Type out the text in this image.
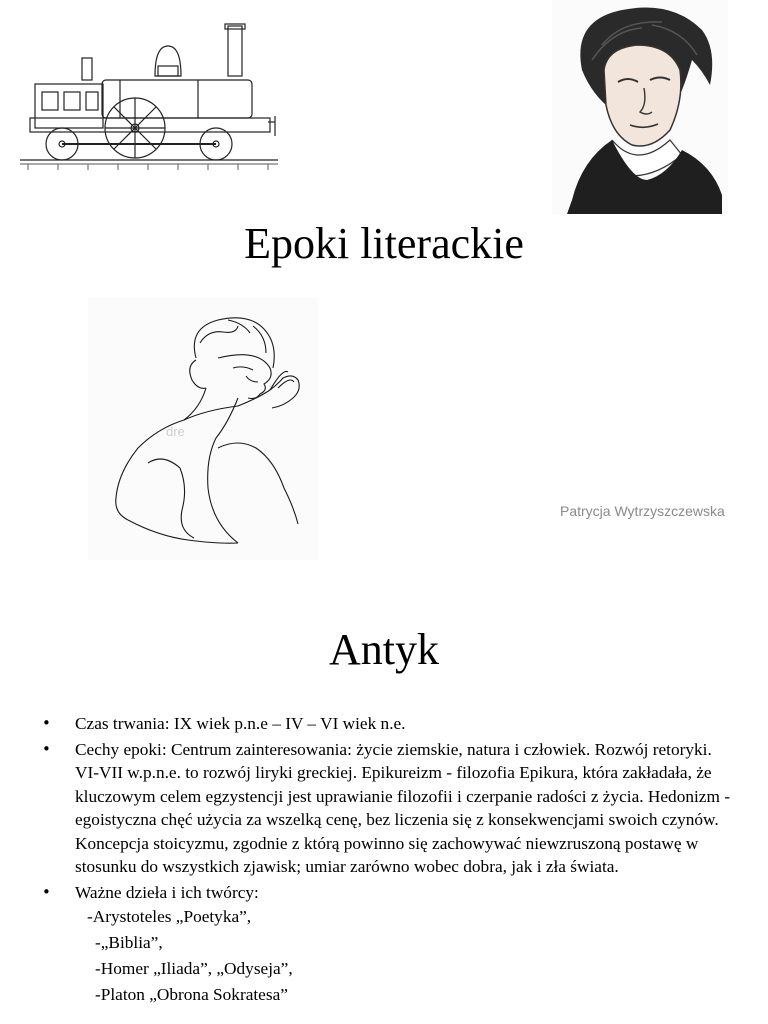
Epoki literackie
dre
Patrycja Wytrzyszczewska
Antyk
• Czas trwania: IX wiek p.n.e – IV – VI wiek n.e.
• Cechy epoki: Centrum zainteresowania: życie ziemskie, natura i człowiek. Rozwój retoryki. VI-VII w.p.n.e. to rozwój liryki greckiej. Epikureizm - filozofia Epikura, która zakładała, że kluczowym celem egzystencji jest uprawianie filozofii i czerpanie radości z życia. Hedonizm - egoistyczna chęć użycia za wszelką cenę, bez liczenia się z konsekwencjami swoich czynów. Koncepcja stoicyzmu, zgodnie z którą powinno się zachowywać niewzruszoną postawę w stosunku do wszystkich zjawisk; umiar zarówno wobec dobra, jak i zła świata.
• Ważne dzieła i ich twórcy:
-Arystoteles „Poetyka”,
-„Biblia”,
-Homer „Iliada”, „Odyseja”,
-Platon „Obrona Sokratesa”
